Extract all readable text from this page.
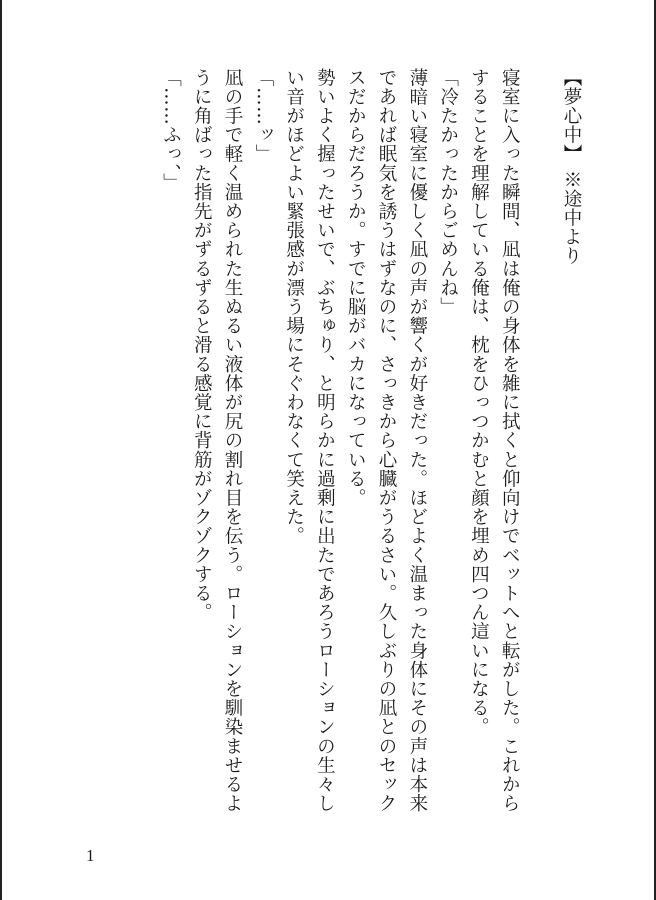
【夢心中】 ※途中より
寝室に入った瞬間、凪は俺の身体を雑に拭くと仰向けでベットへと転がした。これからすることを理解している俺は、枕をひっつかむと顔を埋め四つん這いになる。
「冷たかったからごめんね」
薄暗い寝室に優しく凪の声が響くが好きだった。ほどよく温まった身体にその声は本来であれば眠気を誘うはずなのに、さっきから心臓がうるさい。久しぶりの凪とのセックスだからだろうか。すでに脳がバカになっている。
勢いよく握ったせいで、ぶちゅり、と明らかに過剰に出たであろうローションの生々しい音がほどよい緊張感が漂う場にそぐわなくて笑えた。
「……ッ」
凪の手で軽く温められた生ぬるい液体が尻の割れ目を伝う。ローションを馴染ませるように角ばった指先がずるずると滑る感覚に背筋がゾクゾクする。
「……ふっ、」
1
